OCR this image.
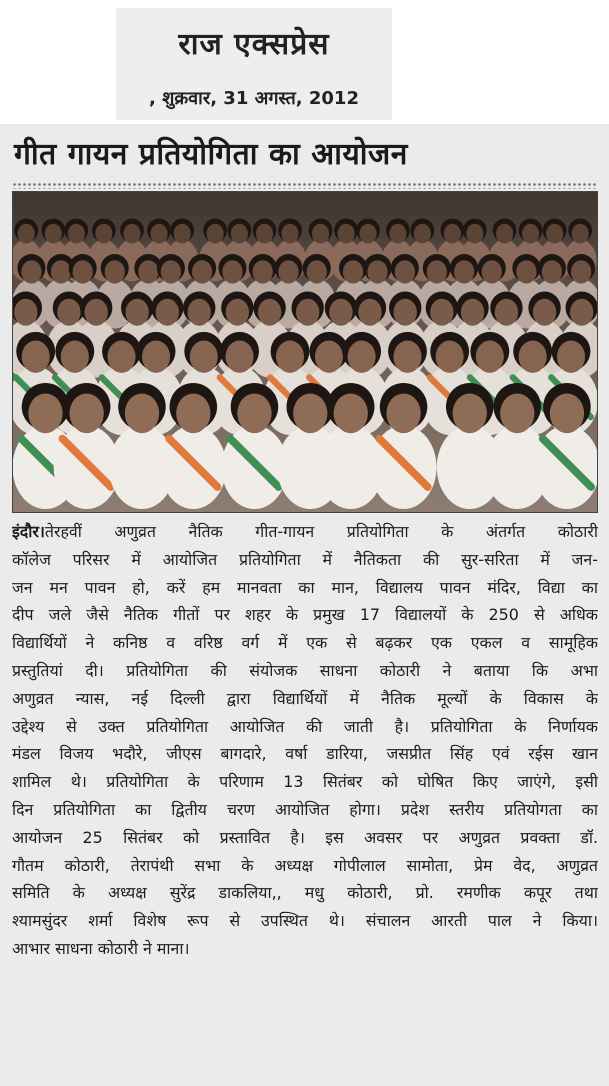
राज एक्सप्रेस
, शुक्रवार, 31 अगस्त, 2012
गीत गायन प्रतियोगिता का आयोजन
इंदौर।तेरहवीं अणुव्रत नैतिक गीत-गायन प्रतियोगिता के अंतर्गत कोठारी
कॉलेज परिसर में आयोजित प्रतियोगिता में नैतिकता की सुर-सरिता में जन-
जन मन पावन हो, करें हम मानवता का मान, विद्यालय पावन मंदिर, विद्या का
दीप जले जैसे नैतिक गीतों पर शहर के प्रमुख 17 विद्यालयों के 250 से अधिक
विद्यार्थियों ने कनिष्ठ व वरिष्ठ वर्ग में एक से बढ़कर एक एकल व सामूहिक
प्रस्तुतियां दी। प्रतियोगिता की संयोजक साधना कोठारी ने बताया कि अभा
अणुव्रत न्यास, नई दिल्ली द्वारा विद्यार्थियों में नैतिक मूल्यों के विकास के
उद्देश्य से उक्त प्रतियोगिता आयोजित की जाती है। प्रतियोगिता के निर्णायक
मंडल विजय भदौरे, जीएस बागदारे, वर्षा डारिया, जसप्रीत सिंह एवं रईस खान
शामिल थे। प्रतियोगिता के परिणाम 13 सितंबर को घोषित किए जाएंगे, इसी
दिन प्रतियोगिता का द्वितीय चरण आयोजित होगा। प्रदेश स्तरीय प्रतियोगता का
आयोजन 25 सितंबर को प्रस्तावित है। इस अवसर पर अणुव्रत प्रवक्ता डॉ.
गौतम कोठारी, तेरापंथी सभा के अध्यक्ष गोपीलाल सामोता, प्रेम वेद, अणुव्रत
समिति के अध्यक्ष सुरेंद्र डाकलिया,, मधु कोठारी, प्रो. रमणीक कपूर तथा
श्यामसुंदर शर्मा विशेष रूप से उपस्थित थे। संचालन आरती पाल ने किया।
आभार साधना कोठारी ने माना।
